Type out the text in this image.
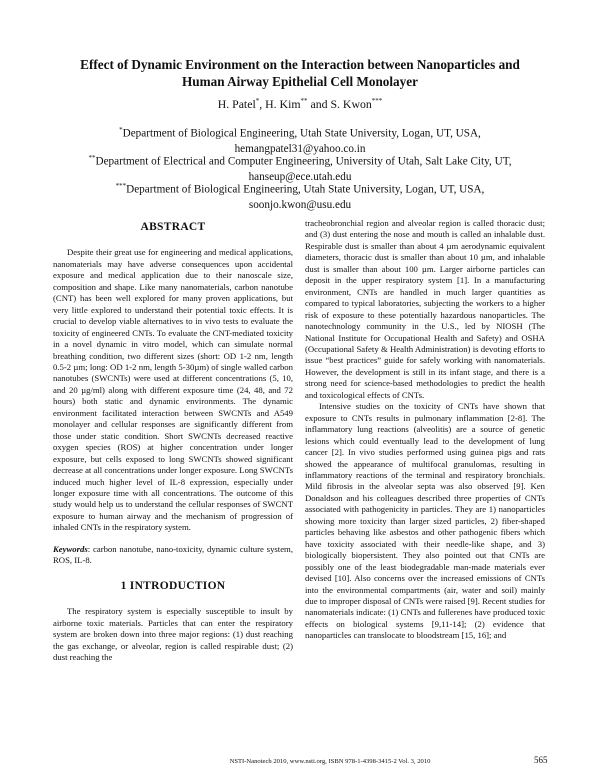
Effect of Dynamic Environment on the Interaction between Nanoparticles and
Human Airway Epithelial Cell Monolayer
H. Patel*, H. Kim** and S. Kwon***
*Department of Biological Engineering, Utah State University, Logan, UT, USA,
hemangpatel31@yahoo.co.in
**Department of Electrical and Computer Engineering, University of Utah, Salt Lake City, UT,
hanseup@ece.utah.edu
***Department of Biological Engineering, Utah State University, Logan, UT, USA,
soonjo.kwon@usu.edu
ABSTRACT

Despite their great use for engineering and medical applications, nanomaterials may have adverse consequences upon accidental exposure and medical application due to their nanoscale size, composition and shape. Like many nanomaterials, carbon nanotube (CNT) has been well explored for many proven applications, but very little explored to understand their potential toxic effects. It is crucial to develop viable alternatives to in vivo tests to evaluate the toxicity of engineered CNTs. To evaluate the CNT-mediated toxicity in a novel dynamic in vitro model, which can simulate normal breathing condition, two different sizes (short: OD 1-2 nm, length 0.5-2 µm; long: OD 1-2 nm, length 5-30µm) of single walled carbon nanotubes (SWCNTs) were used at different concentrations (5, 10, and 20 µg/ml) along with different exposure time (24, 48, and 72 hours) both static and dynamic environments. The dynamic environment facilitated interaction between SWCNTs and A549 monolayer and cellular responses are significantly different from those under static condition. Short SWCNTs decreased reactive oxygen species (ROS) at higher concentration under longer exposure, but cells exposed to long SWCNTs showed significant decrease at all concentrations under longer exposure. Long SWCNTs induced much higher level of IL-8 expression, especially under longer exposure time with all concentrations. The outcome of this study would help us to understand the cellular responses of SWCNT exposure to human airway and the mechanism of progression of inhaled CNTs in the respiratory system.

Keywords: carbon nanotube, nano-toxicity, dynamic culture system, ROS, IL-8.

1 INTRODUCTION

The respiratory system is especially susceptible to insult by airborne toxic materials. Particles that can enter the respiratory system are broken down into three major regions: (1) dust reaching the gas exchange, or alveolar, region is called respirable dust; (2) dust reaching the

tracheobronchial region and alveolar region is called thoracic dust; and (3) dust entering the nose and mouth is called an inhalable dust. Respirable dust is smaller than about 4 µm aerodynamic equivalent diameters, thoracic dust is smaller than about 10 µm, and inhalable dust is smaller than about 100 µm. Larger airborne particles can deposit in the upper respiratory system [1]. In a manufacturing environment, CNTs are handled in much larger quantities as compared to typical laboratories, subjecting the workers to a higher risk of exposure to these potentially hazardous nanoparticles. The nanotechnology community in the U.S., led by NIOSH (The National Institute for Occupational Health and Safety) and OSHA (Occupational Safety & Health Administration) is devoting efforts to issue “best practices” guide for safely working with nanomaterials. However, the development is still in its infant stage, and there is a strong need for science-based methodologies to predict the health and toxicological effects of CNTs.

Intensive studies on the toxicity of CNTs have shown that exposure to CNTs results in pulmonary inflammation [2-8]. The inflammatory lung reactions (alveolitis) are a source of genetic lesions which could eventually lead to the development of lung cancer [2]. In vivo studies performed using guinea pigs and rats showed the appearance of multifocal granulomas, resulting in inflammatory reactions of the terminal and respiratory bronchials. Mild fibrosis in the alveolar septa was also observed [9]. Ken Donaldson and his colleagues described three properties of CNTs associated with pathogenicity in particles. They are 1) nanoparticles showing more toxicity than larger sized particles, 2) fiber-shaped particles behaving like asbestos and other pathogenic fibers which have toxicity associated with their needle-like shape, and 3) biologically biopersistent. They also pointed out that CNTs are possibly one of the least biodegradable man-made materials ever devised [10]. Also concerns over the increased emissions of CNTs into the environmental compartments (air, water and soil) mainly due to improper disposal of CNTs were raised [9]. Recent studies for nanomaterials indicate: (1) CNTs and fullerenes have produced toxic effects on biological systems [9,11-14]; (2) evidence that nanoparticles can translocate to bloodstream [15, 16]; and

NSTI-Nanotech 2010, www.nsti.org, ISBN 978-1-4398-3415-2 Vol. 3, 2010	565
